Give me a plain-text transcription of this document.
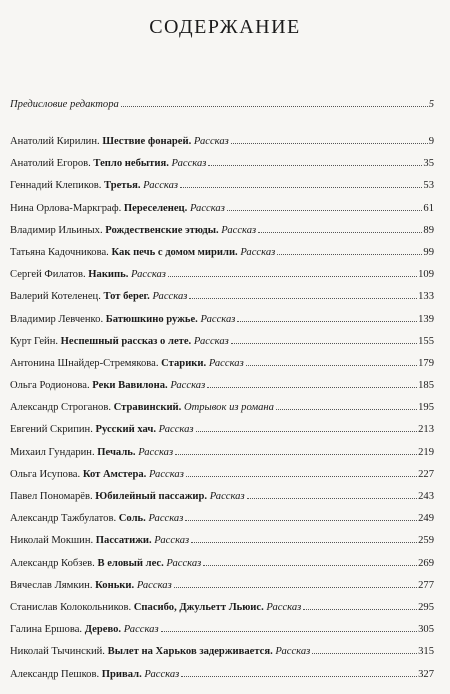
СОДЕРЖАНИЕ
Предисловие редактора	5
Анатолий Кирилин. Шествие фонарей. Рассказ	9
Анатолий Егоров. Тепло небытия. Рассказ	35
Геннадий Клепиков. Третья. Рассказ	53
Нина Орлова-Маркграф. Переселенец. Рассказ	61
Владимир Ильиных. Рождественские этюды. Рассказ	89
Татьяна Кадочникова. Как печь с домом мирили. Рассказ	99
Сергей Филатов. Накипь. Рассказ	109
Валерий Котеленец. Тот берег. Рассказ	133
Владимир Левченко. Батюшкино ружье. Рассказ	139
Курт Гейн. Неспешный рассказ о лете. Рассказ	155
Антонина Шнайдер-Стремякова. Старики. Рассказ	179
Ольга Родионова. Реки Вавилона. Рассказ	185
Александр Строганов. Стравинский. Отрывок из романа	195
Евгений Скрипин. Русский хач. Рассказ	213
Михаил Гундарин. Печаль. Рассказ	219
Ольга Исупова. Кот Амстера. Рассказ	227
Павел Пономарёв. Юбилейный пассажир. Рассказ	243
Александр Тажбулатов. Соль. Рассказ	249
Николай Мокшин. Пассатижи. Рассказ	259
Александр Кобзев. В еловый лес. Рассказ	269
Вячеслав Лямкин. Коньки. Рассказ	277
Станислав Колокольников. Спасибо, Джульетт Льюис. Рассказ	295
Галина Ершова. Дерево. Рассказ	305
Николай Тычинский. Вылет на Харьков задерживается. Рассказ	315
Александр Пешков. Привал. Рассказ	327
